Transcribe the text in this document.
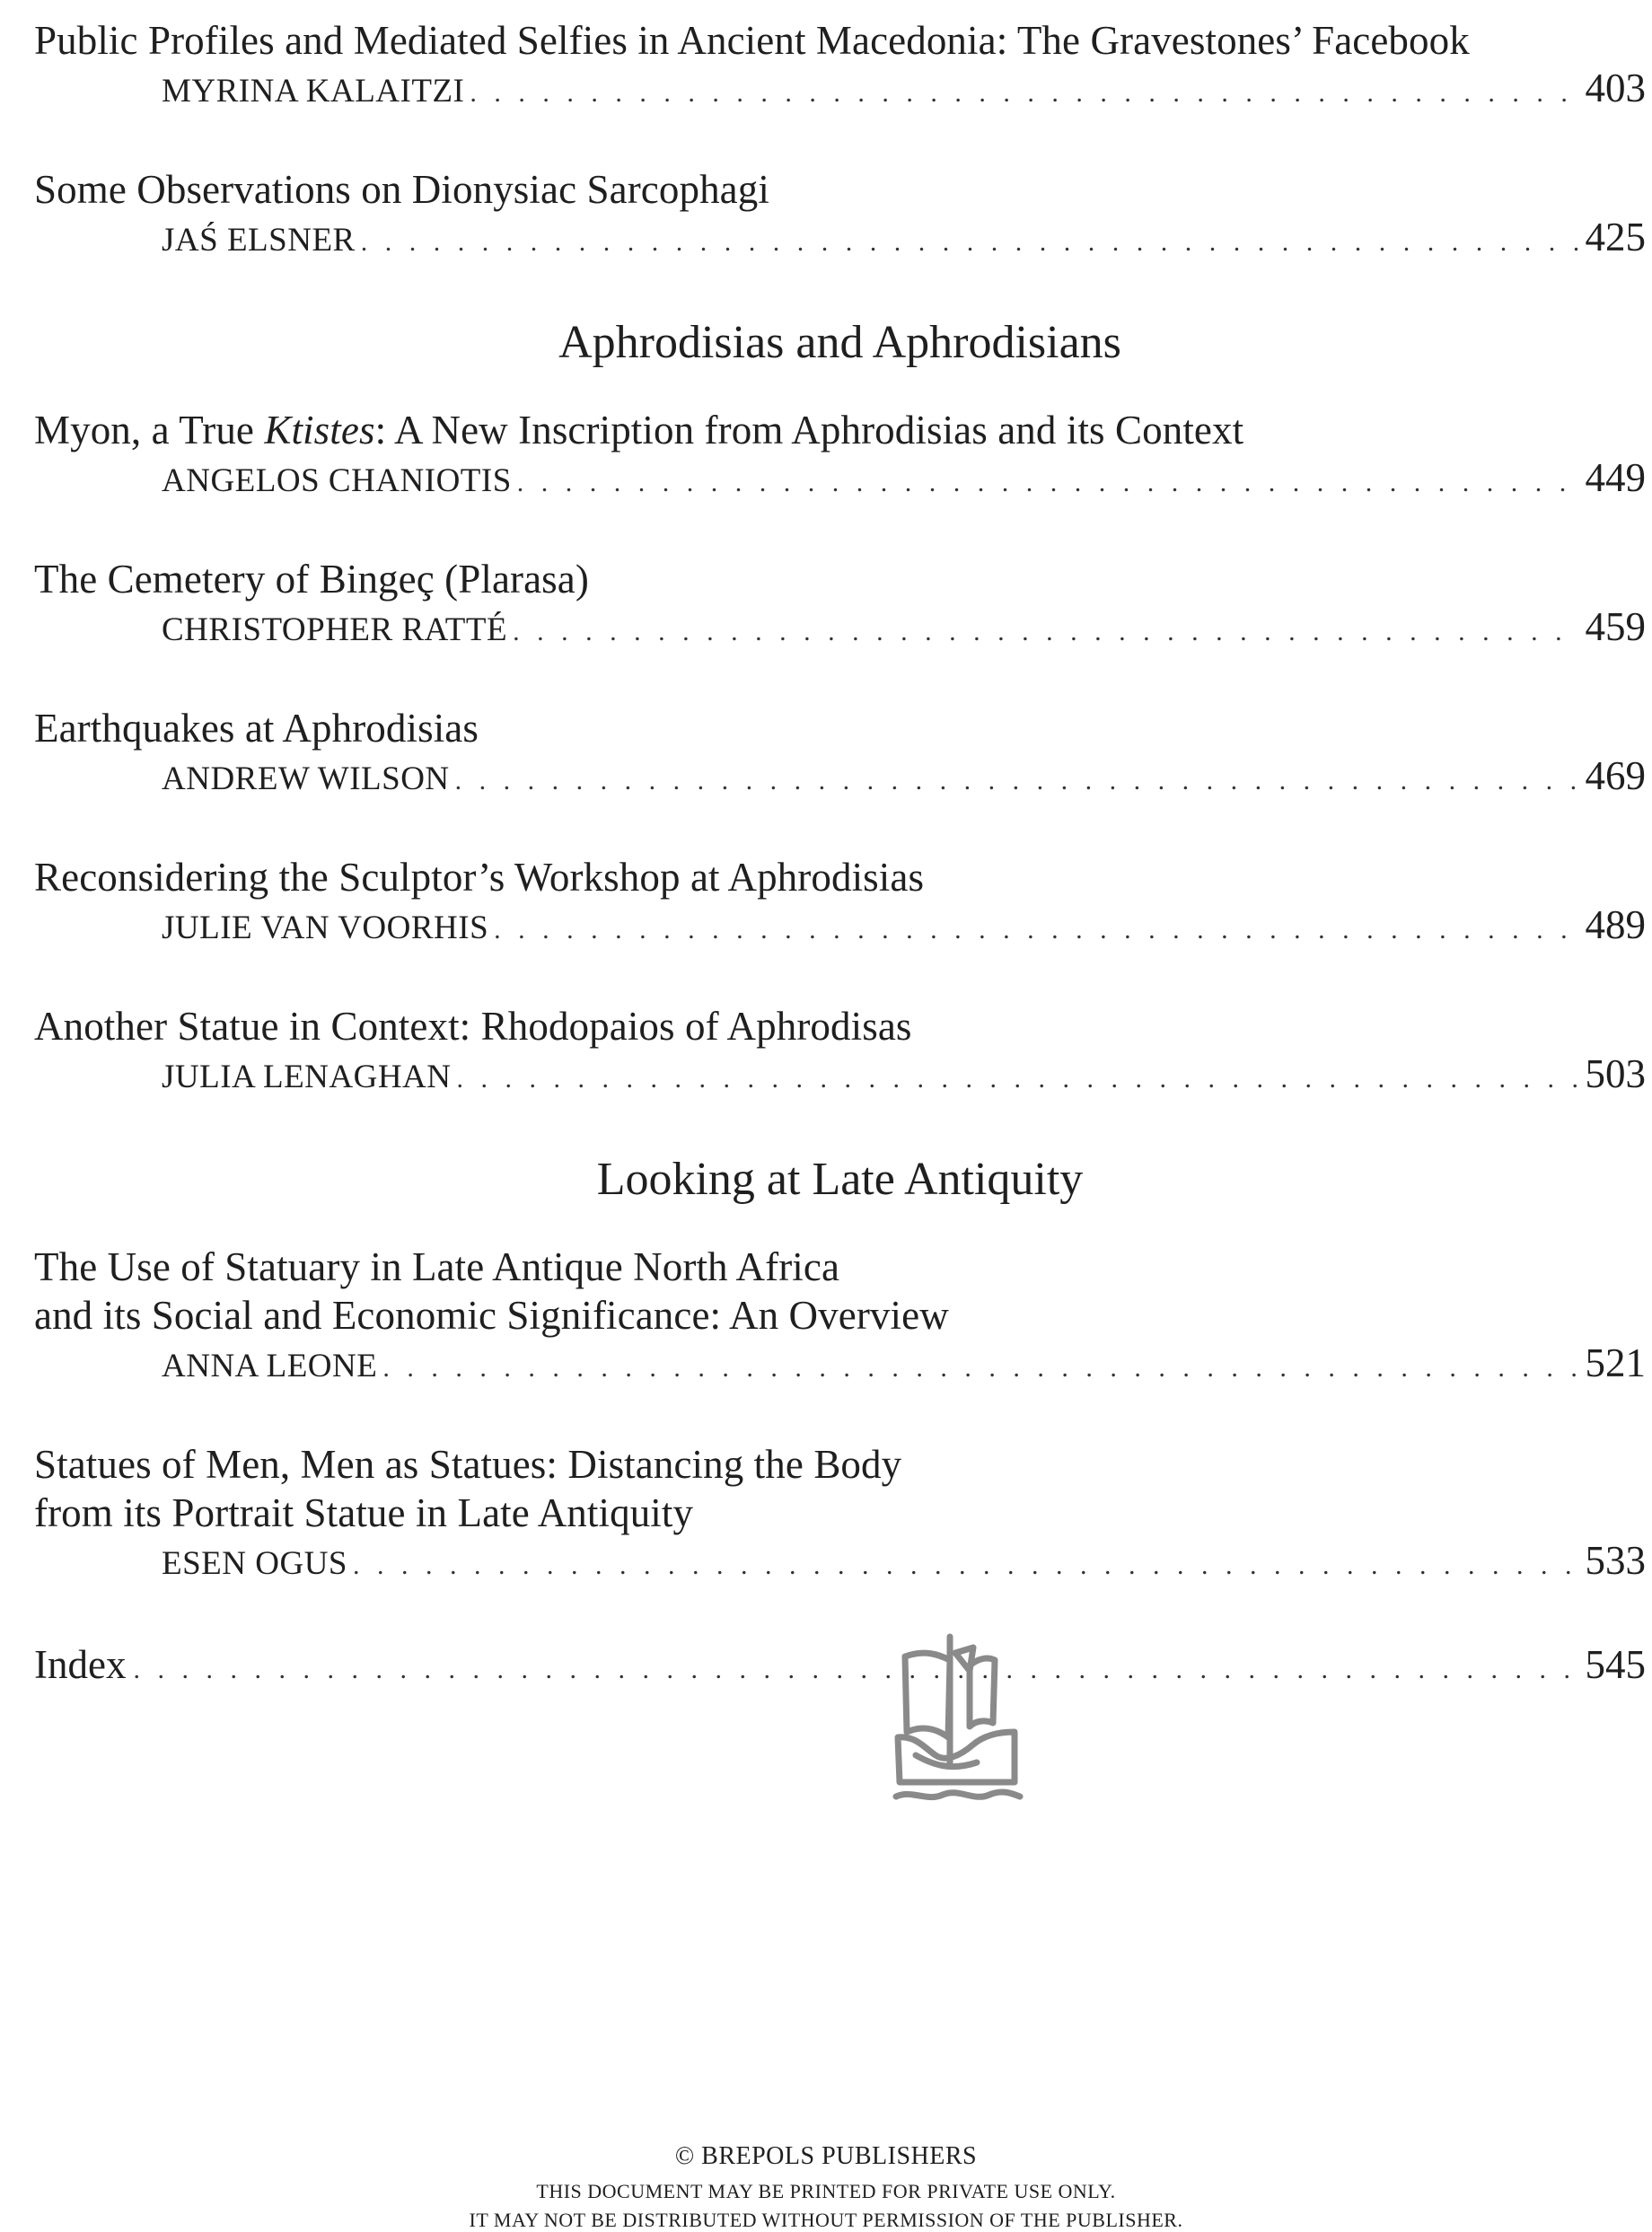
Public Profiles and Mediated Selfies in Ancient Macedonia: The Gravestones’ Facebook
MYRINA KALAITZI . . .	403
Some Observations on Dionysiac Sarcophagi
JAŚ ELSNER . . .	425
Aphrodisias and Aphrodisians
Myon, a True Ktistes: A New Inscription from Aphrodisias and its Context
ANGELOS CHANIOTIS . . .	449
The Cemetery of Bingeç (Plarasa)
CHRISTOPHER RATTÉ . . .	459
Earthquakes at Aphrodisias
ANDREW WILSON . . .	469
Reconsidering the Sculptor’s Workshop at Aphrodisias
JULIE VAN VOORHIS . . .	489
Another Statue in Context: Rhodopaios of Aphrodisas
JULIA LENAGHAN . . .	503
Looking at Late Antiquity
The Use of Statuary in Late Antique North Africa
and its Social and Economic Significance: An Overview
ANNA LEONE . . .	521
Statues of Men, Men as Statues: Distancing the Body
from its Portrait Statue in Late Antiquity
ESEN OGUS . . .	533
Index . . .	545
© BREPOLS PUBLISHERS
THIS DOCUMENT MAY BE PRINTED FOR PRIVATE USE ONLY.
IT MAY NOT BE DISTRIBUTED WITHOUT PERMISSION OF THE PUBLISHER.
